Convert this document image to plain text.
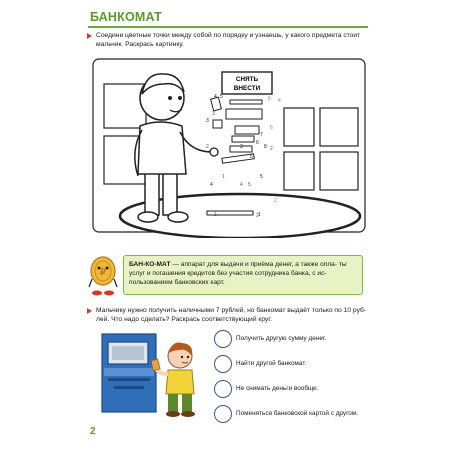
БАНКОМАТ
Соедини цветные точки между собой по порядку и узнаешь, у какого предмета стоит
мальчик. Раскрась картинку.
СНЯТЬ
ВНЕСТИ
1	2
2
1
4 5
3
2
2
4
6
5
4 5
5
6
7
8
4
5
1
3
3
₽
БАН-КО-МАТ — аппарат для выдачи и приёма денег, а также опла- ты услуг и погашения кредитов без участия сотрудника банка, с ис- пользованием банковских карт.
Мальчику нужно получить наличными 7 рублей, но банкомат выдаёт только по 10 руб-
лей. Что надо сделать? Раскрась соответствующий круг.
Получить другую сумму денег.
Найти другой банкомат.
Не снимать деньги вообще.
Поменяться банковской картой с другом.
2
